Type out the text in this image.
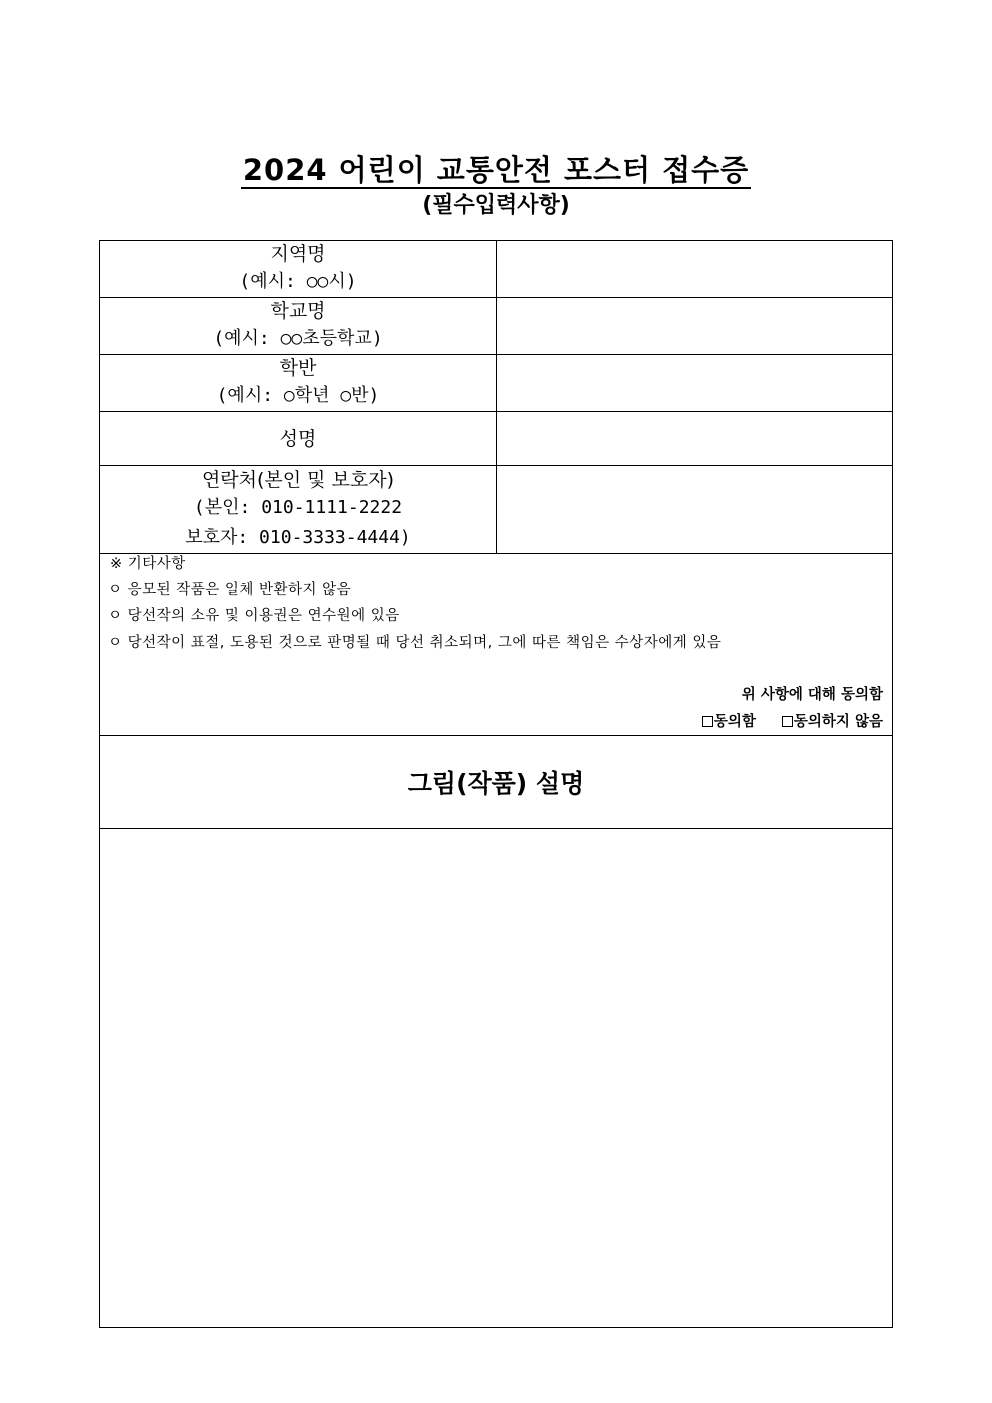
2024 어린이 교통안전 포스터 접수증
(필수입력사항)
지역명
(예시: ○○시)
학교명
(예시: ○○초등학교)
학반
(예시: ○학년 ○반)
성명
연락처(본인 및 보호자)
(본인: 010-1111-2222
보호자: 010-3333-4444)
※ 기타사항
ㅇ 응모된 작품은 일체 반환하지 않음
ㅇ 당선작의 소유 및 이용권은 연수원에 있음
ㅇ 당선작이 표절, 도용된 것으로 판명될 때 당선 취소되며, 그에 따른 책임은 수상자에게 있음
위 사항에 대해 동의함
동의함	동의하지 않음
그림(작품) 설명
